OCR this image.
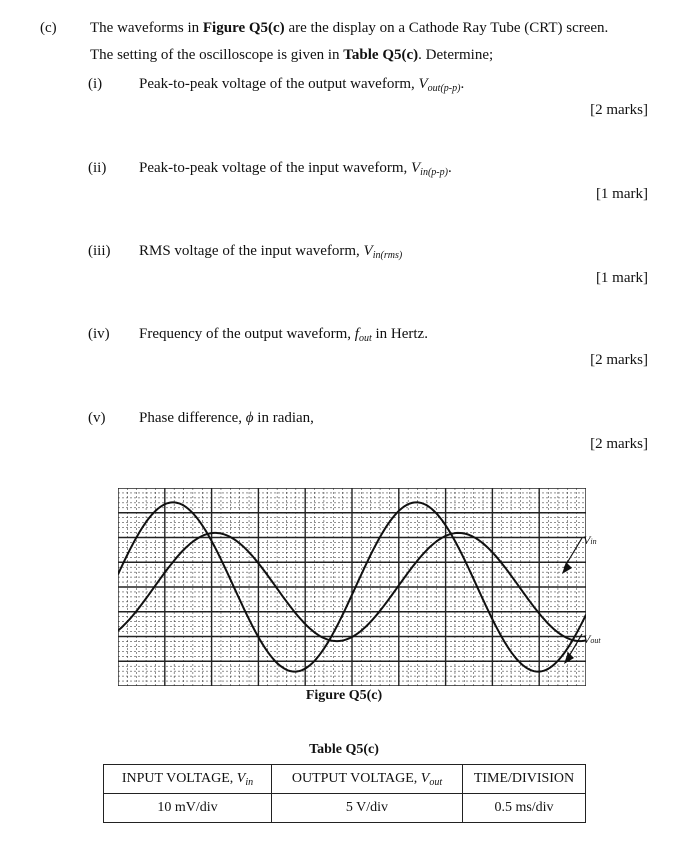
(c) The waveforms in Figure Q5(c) are the display on a Cathode Ray Tube (CRT) screen.
The setting of the oscilloscope is given in Table Q5(c). Determine;
(i) Peak-to-peak voltage of the output waveform, $V_{out(p-p)}$.
[2 marks]
(ii) Peak-to-peak voltage of the input waveform, $V_{in(p-p)}$.
[1 mark]
(iii) RMS voltage of the input waveform, $V_{in(rms)}$
[1 mark]
(iv) Frequency of the output waveform, $f_{out}$ in Hertz.
[2 marks]
(v) Phase difference, ϕ in radian,
[2 marks]
Vin
Vout
Figure Q5(c)
Table Q5(c)
INPUT VOLTAGE, $V_{in}$	OUTPUT VOLTAGE, $V_{out}$	TIME/DIVISION
10 mV/div	5 V/div	0.5 ms/div
